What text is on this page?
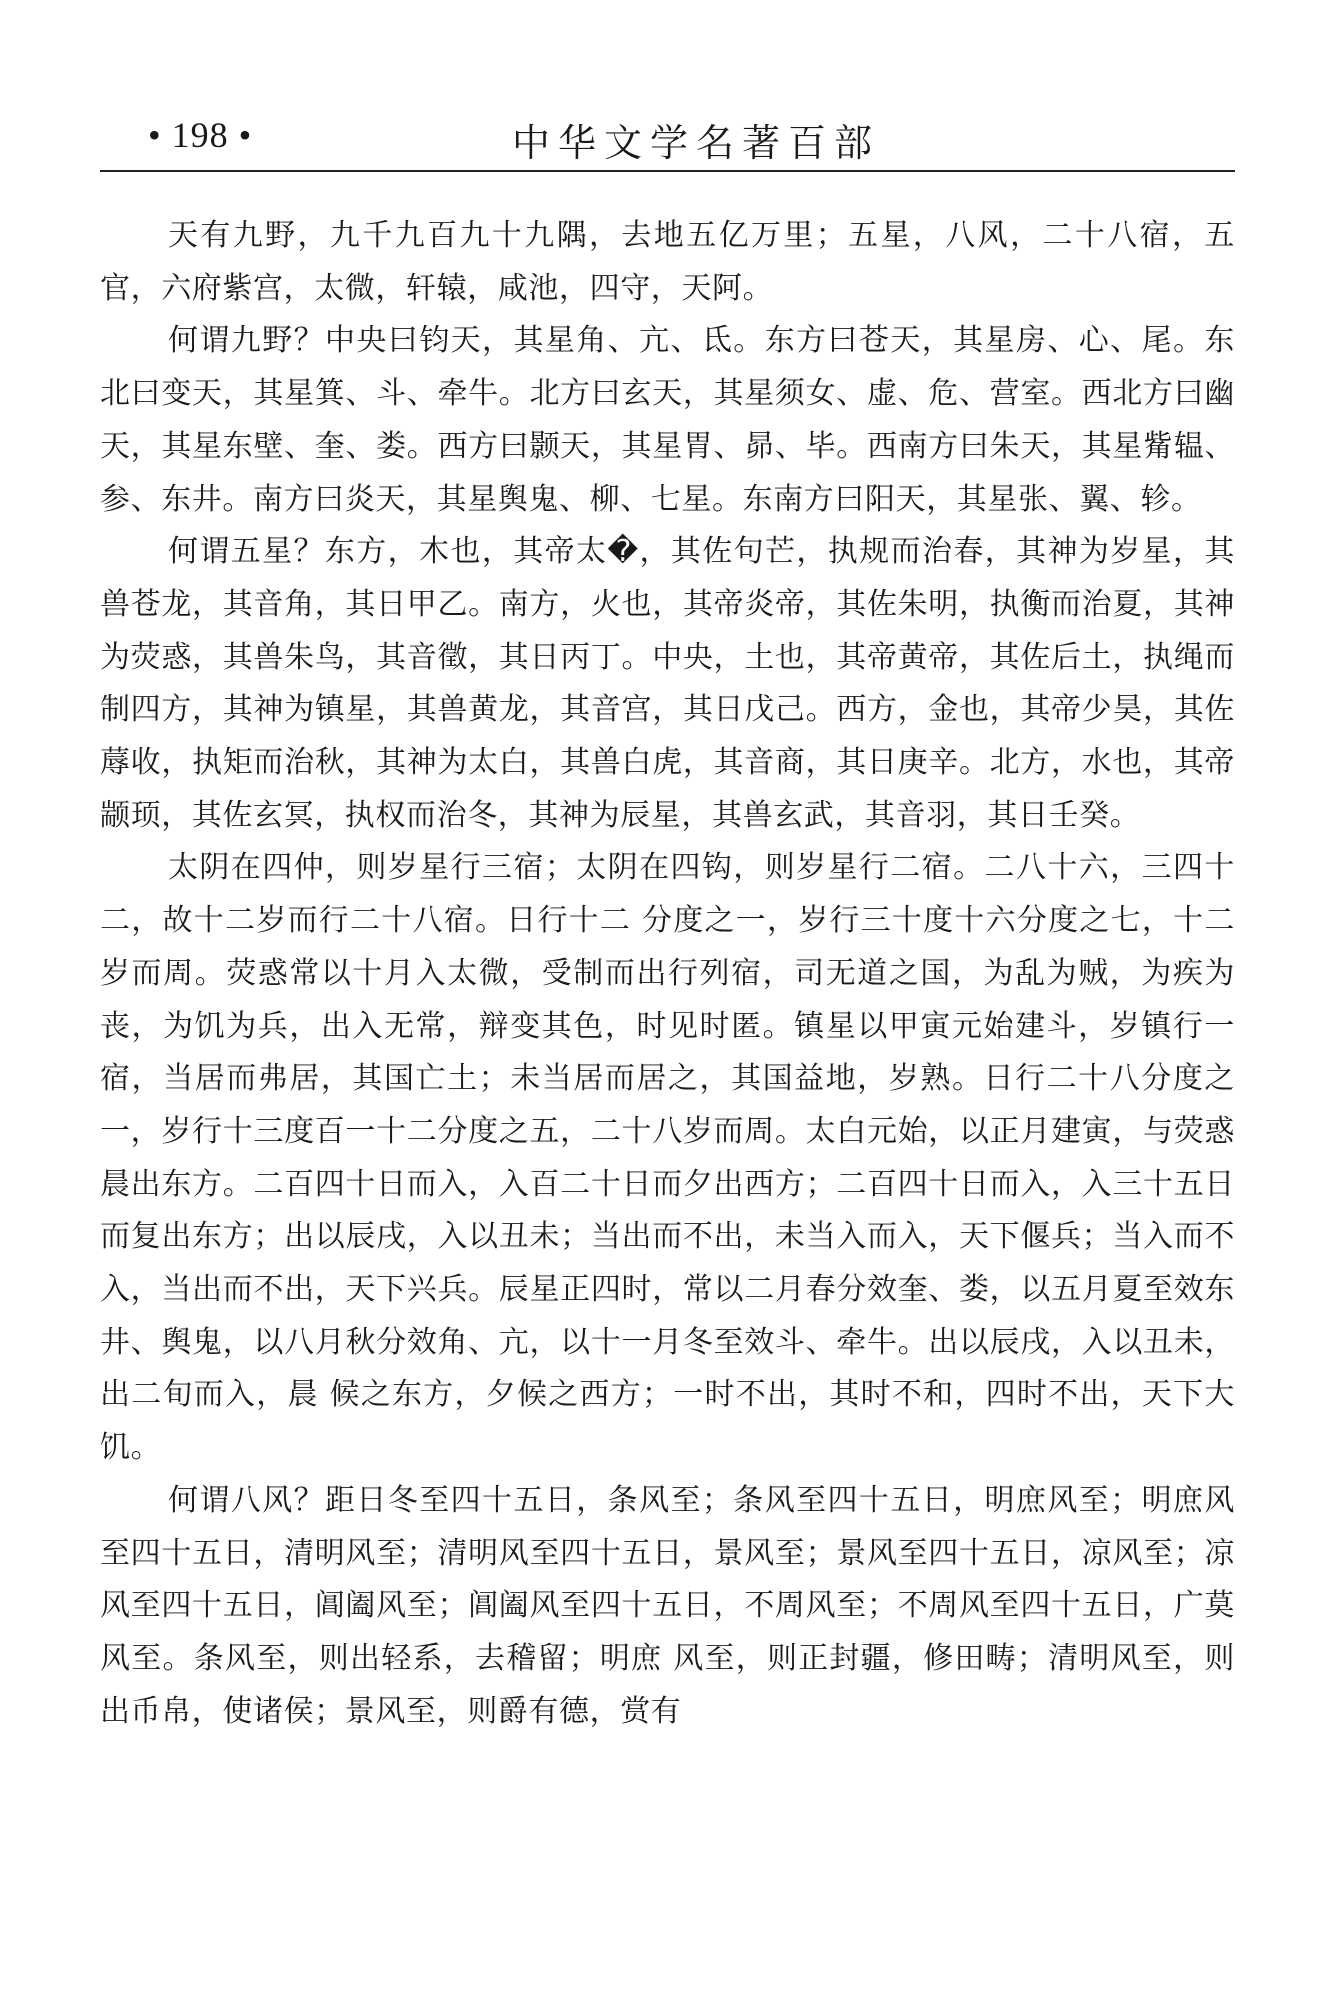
• 198 •	中华文学名著百部

天有九野，九千九百九十九隅，去地五亿万里；五星，八风，二十八宿，五官，六府紫宫，太微，轩辕，咸池，四守，天阿。

何谓九野？中央曰钧天，其星角、亢、氐。东方曰苍天，其星房、心、尾。东北曰变天，其星箕、斗、牵牛。北方曰玄天，其星须女、虚、危、营室。西北方曰幽天，其星东壁、奎、娄。西方曰颢天，其星胃、昴、毕。西南方曰朱天，其星觜辒、参、东井。南方曰炎天，其星舆鬼、柳、七星。东南方曰阳天，其星张、翼、轸。

何谓五星？东方，木也，其帝太�，其佐句芒，执规而治春，其神为岁星，其兽苍龙，其音角，其日甲乙。南方，火也，其帝炎帝，其佐朱明，执衡而治夏，其神为荧惑，其兽朱鸟，其音徵，其日丙丁。中央，土也，其帝黄帝，其佐后土，执绳而制四方，其神为镇星，其兽黄龙，其音宫，其日戊己。西方，金也，其帝少昊，其佐蓐收，执矩而治秋，其神为太白，其兽白虎，其音商，其日庚辛。北方，水也，其帝颛顼，其佐玄冥，执权而治冬，其神为辰星，其兽玄武，其音羽，其日壬癸。

太阴在四仲，则岁星行三宿；太阴在四钩，则岁星行二宿。二八十六，三四十二，故十二岁而行二十八宿。日行十二 分度之一，岁行三十度十六分度之七，十二岁而周。荧惑常以十月入太微，受制而出行列宿，司无道之国，为乱为贼，为疾为丧，为饥为兵，出入无常，辩变其色，时见时匿。镇星以甲寅元始建斗，岁镇行一宿，当居而弗居，其国亡土；未当居而居之，其国益地，岁熟。日行二十八分度之一，岁行十三度百一十二分度之五，二十八岁而周。太白元始，以正月建寅，与荧惑晨出东方。二百四十日而入，入百二十日而夕出西方；二百四十日而入，入三十五日而复出东方；出以辰戌，入以丑未；当出而不出，未当入而入，天下偃兵；当入而不入，当出而不出，天下兴兵。辰星正四时，常以二月春分效奎、娄，以五月夏至效东井、舆鬼，以八月秋分效角、亢，以十一月冬至效斗、牵牛。出以辰戌，入以丑未，出二旬而入，晨 候之东方，夕候之西方；一时不出，其时不和，四时不出，天下大饥。

何谓八风？距日冬至四十五日，条风至；条风至四十五日，明庶风至；明庶风至四十五日，清明风至；清明风至四十五日，景风至；景风至四十五日，凉风至；凉风至四十五日，阊阖风至；阊阖风至四十五日，不周风至；不周风至四十五日，广莫风至。条风至，则出轻系，去稽留；明庶 风至，则正封疆，修田畴；清明风至，则出币帛，使诸侯；景风至，则爵有德，赏有
